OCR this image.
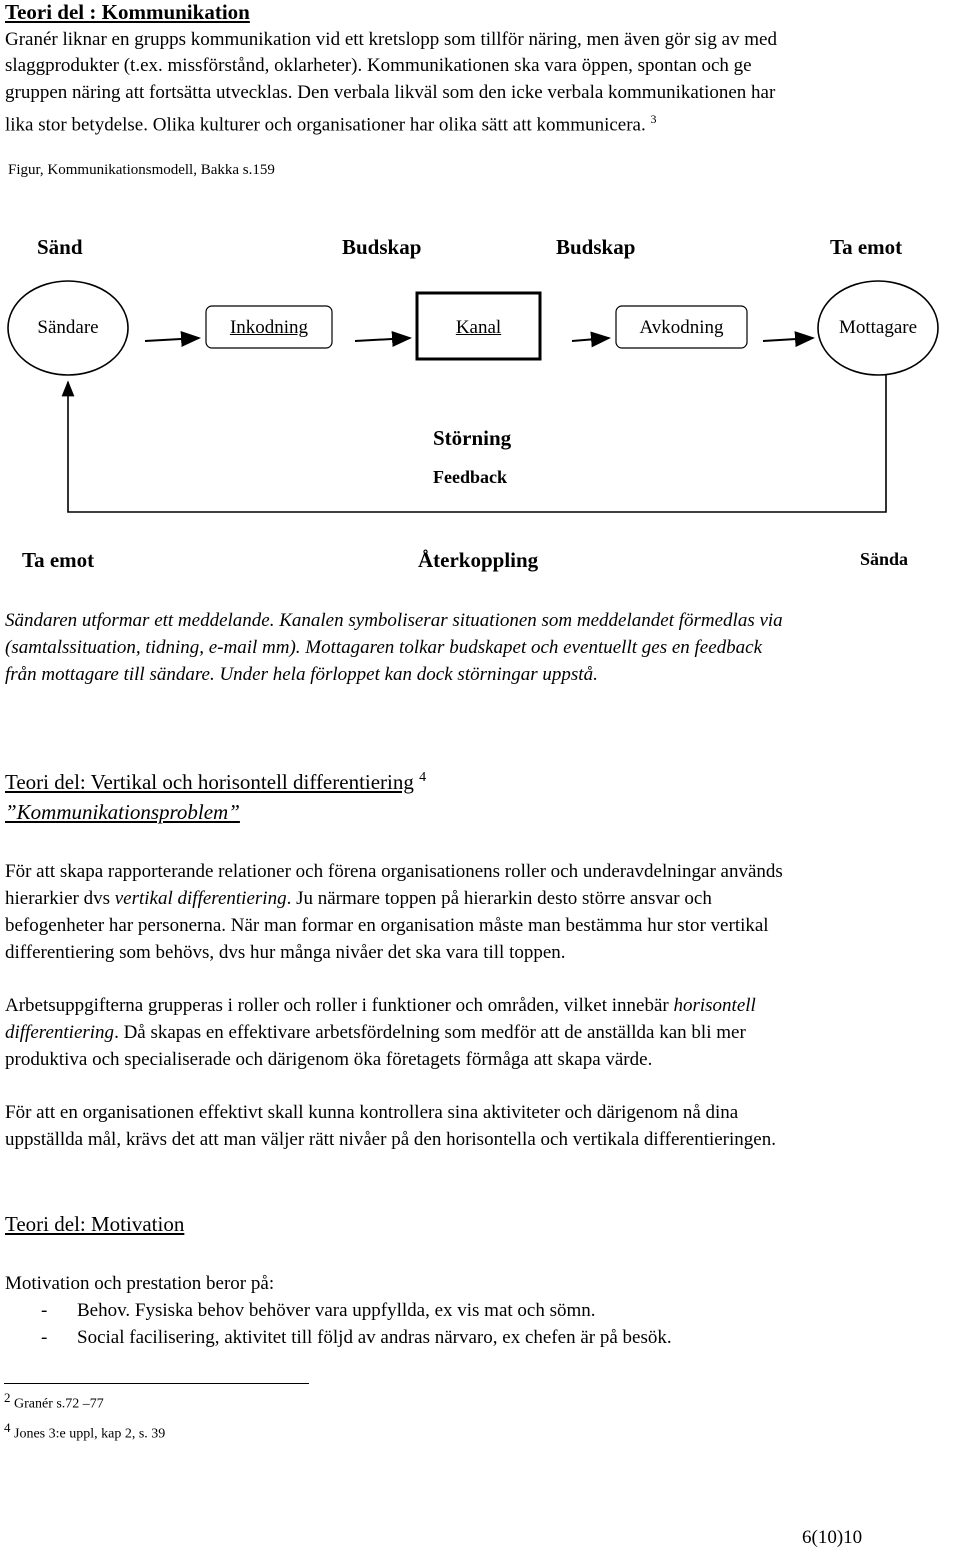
Teori del : Kommunikation
Granér liknar en grupps kommunikation vid ett kretslopp som tillför näring, men även gör sig av med
slaggprodukter (t.ex. missförstånd, oklarheter). Kommunikationen ska vara öppen, spontan och ge
gruppen näring att fortsätta utvecklas. Den verbala likväl som den icke verbala kommunikationen har
lika stor betydelse. Olika kulturer och organisationer har olika sätt att kommunicera. $^3$
Figur, Kommunikationsmodell, Bakka s.159
Sänd	Budskap	Budskap	Ta emot
Sändare	Inkodning	Kanal	Avkodning	Mottagare
Störning
Feedback
Ta emot	Återkoppling	Sända
Sändaren utformar ett meddelande. Kanalen symboliserar situationen som meddelandet förmedlas via
(samtalssituation, tidning, e-mail mm). Mottagaren tolkar budskapet och eventuellt ges en feedback
från mottagare till sändare. Under hela förloppet kan dock störningar uppstå.
Teori del: Vertikal och horisontell differentiering $^4$
”Kommunikationsproblem”
För att skapa rapporterande relationer och förena organisationens roller och underavdelningar används
hierarkier dvs vertikal differentiering. Ju närmare toppen på hierarkin desto större ansvar och
befogenheter har personerna. När man formar en organisation måste man bestämma hur stor vertikal
differentiering som behövs, dvs hur många nivåer det ska vara till toppen.
Arbetsuppgifterna grupperas i roller och roller i funktioner och områden, vilket innebär horisontell
differentiering. Då skapas en effektivare arbetsfördelning som medför att de anställda kan bli mer
produktiva och specialiserade och därigenom öka företagets förmåga att skapa värde.
För att en organisationen effektivt skall kunna kontrollera sina aktiviteter och därigenom nå dina
uppställda mål, krävs det att man väljer rätt nivåer på den horisontella och vertikala differentieringen.
Teori del: Motivation
Motivation och prestation beror på:
- Behov. Fysiska behov behöver vara uppfyllda, ex vis mat och sömn.
- Social facilisering, aktivitet till följd av andras närvaro, ex chefen är på besök.
$^2$ Granér s.72 –77
$^4$ Jones 3:e uppl, kap 2, s. 39
6(10)10
